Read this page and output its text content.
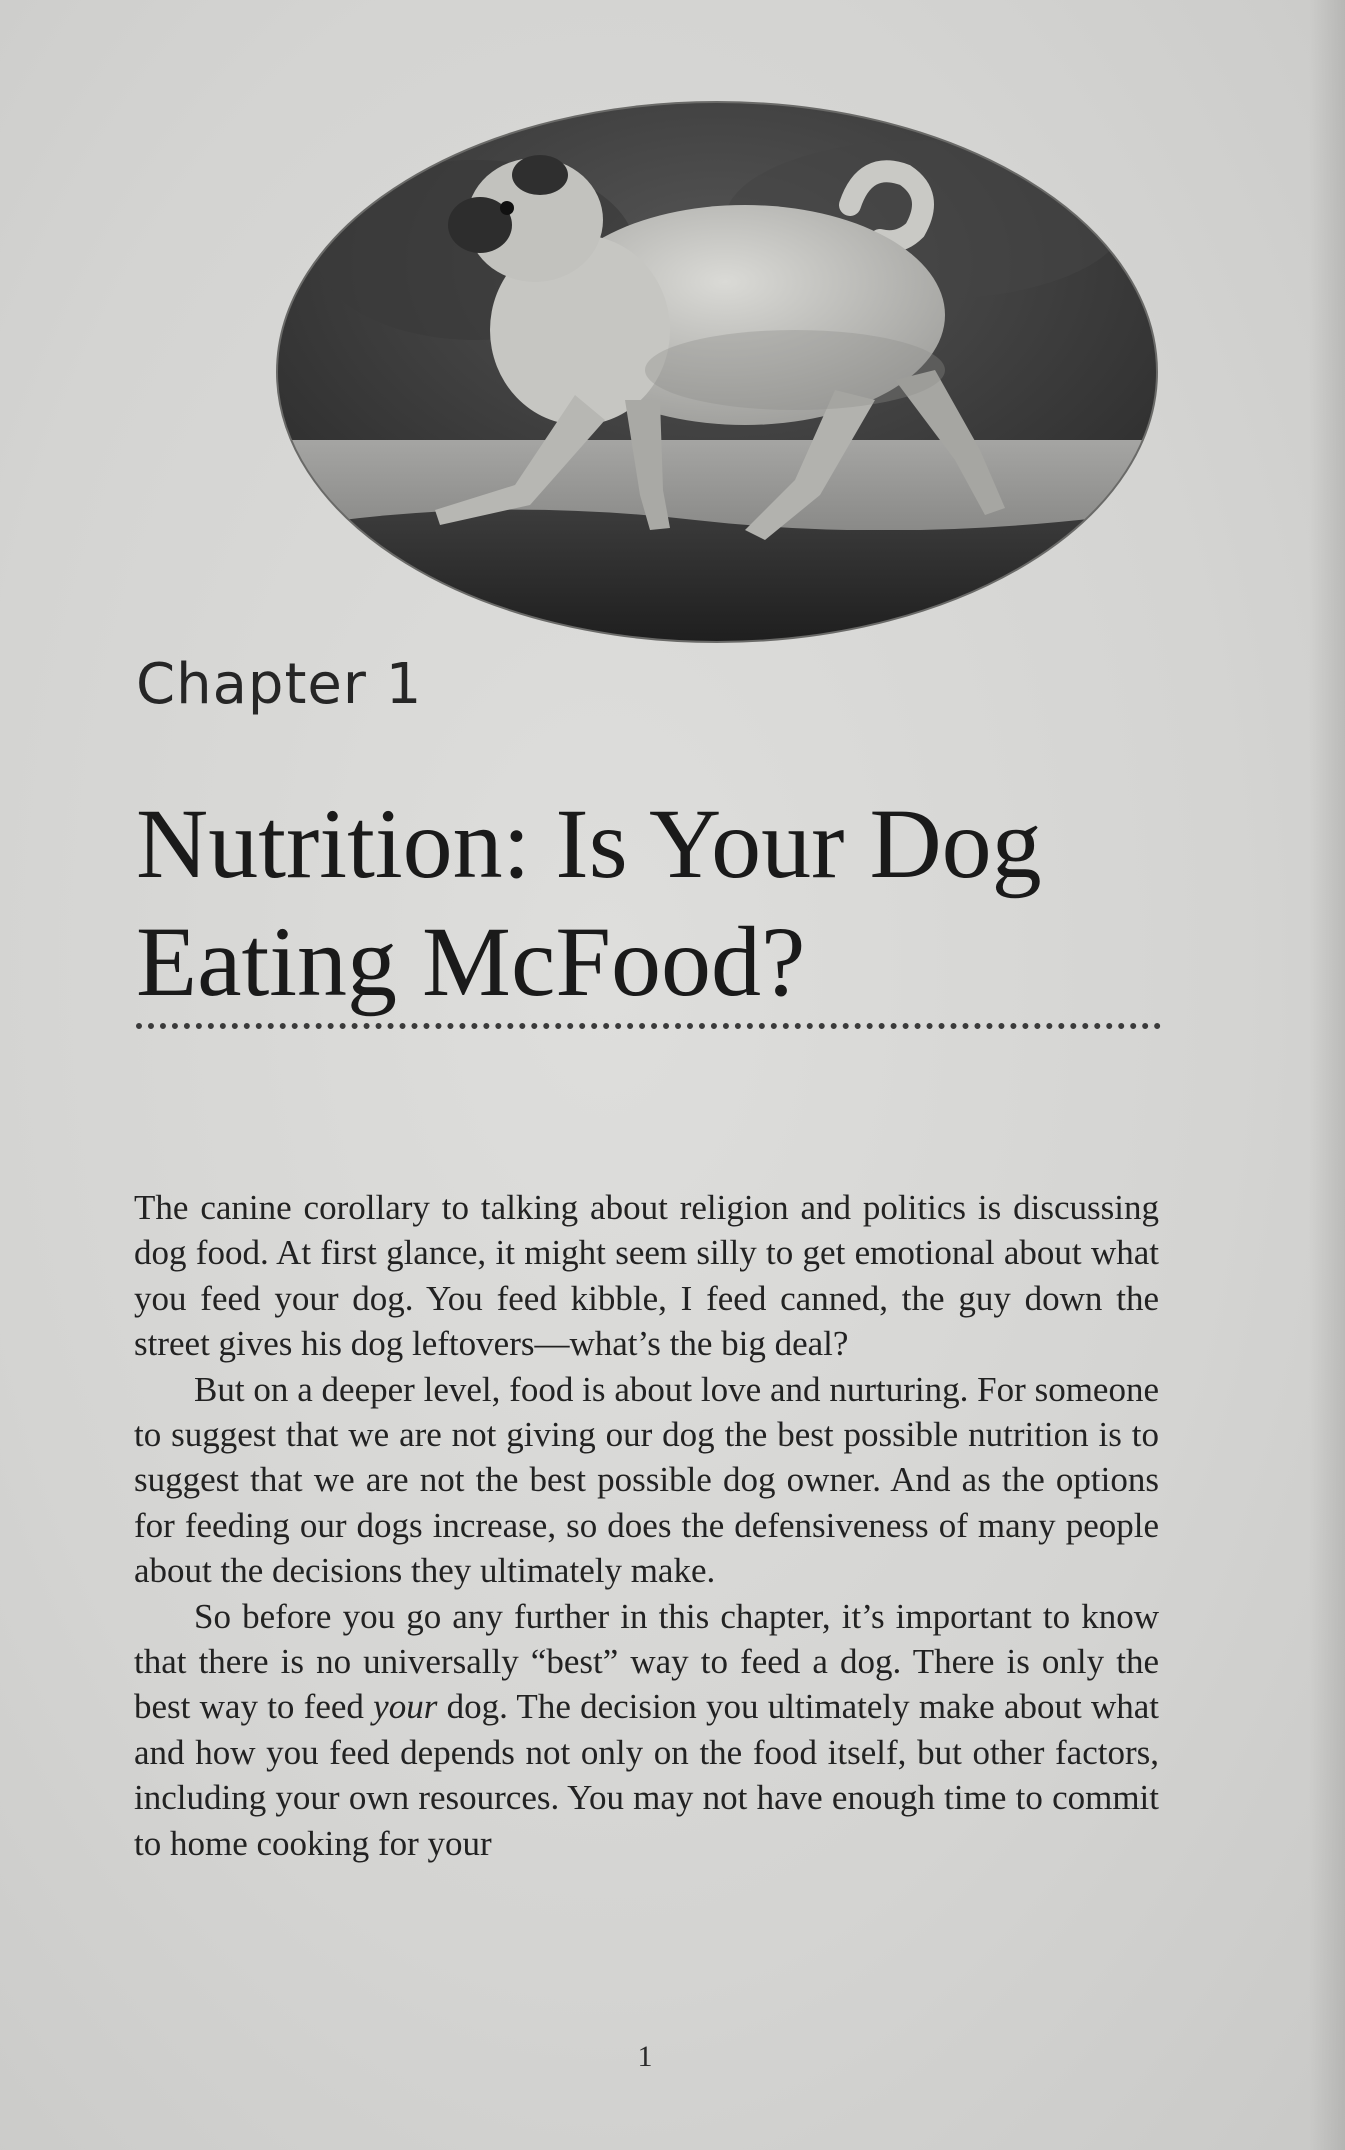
Chapter 1
Nutrition: Is Your Dog
Eating McFood?

The canine corollary to talking about religion and politics is discussing dog food. At first glance, it might seem silly to get emotional about what you feed your dog. You feed kibble, I feed canned, the guy down the street gives his dog leftovers—what’s the big deal?

But on a deeper level, food is about love and nurturing. For someone to suggest that we are not giving our dog the best possible nutrition is to suggest that we are not the best possible dog owner. And as the options for feeding our dogs increase, so does the defensiveness of many people about the decisions they ultimately make.

So before you go any further in this chapter, it’s important to know that there is no universally “best” way to feed a dog. There is only the best way to feed your dog. The decision you ultimately make about what and how you feed depends not only on the food itself, but other factors, including your own resources. You may not have enough time to commit to home cooking for your

1
